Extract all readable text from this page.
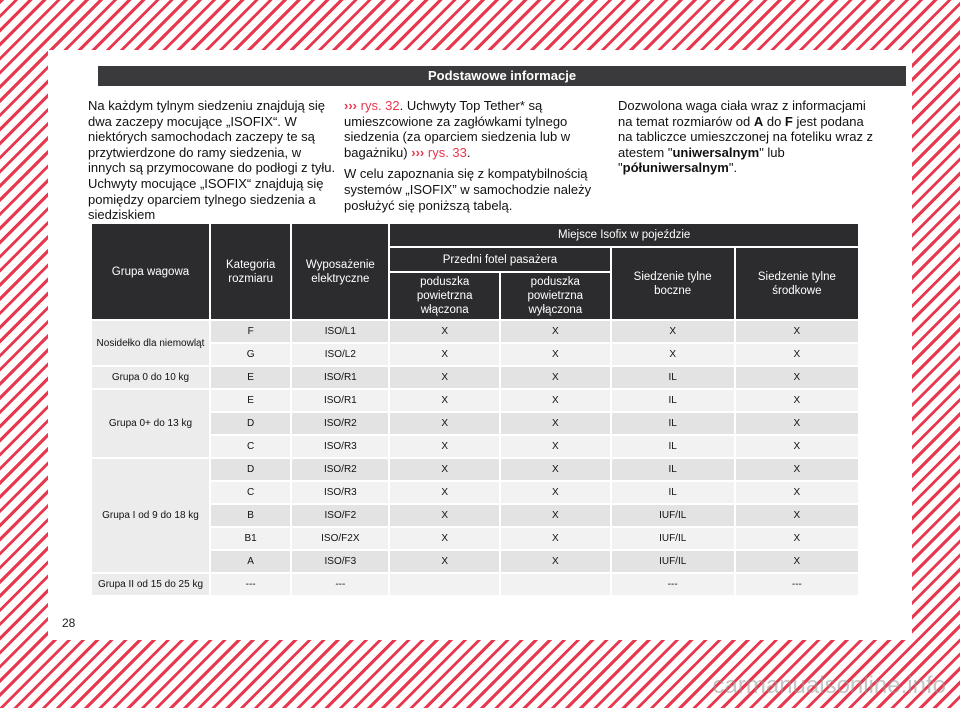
Podstawowe informacje

Na każdym tylnym siedzeniu znajdują się dwa zaczepy mocujące „ISOFIX“. W niektórych samochodach zaczepy te są przytwierdzone do ramy siedzenia, w innych są przymocowane do podłogi z tyłu. Uchwyty mocujące „ISOFIX“ znajdują się pomiędzy oparciem tylnego siedzenia a siedziskiem

››› rys. 32. Uchwyty Top Tether* są umieszcowione za zagłówkami tylnego siedzenia (za oparciem siedzenia lub w bagażniku) ››› rys. 33.

W celu zapoznania się z kompatybilnością systemów „ISOFIX” w samochodzie należy posłużyć się poniższą tabelą.

Dozwolona waga ciała wraz z informacjami na temat rozmiarów od A do F jest podana na tabliczce umieszczonej na foteliku wraz z atestem "uniwersalnym" lub "półuniwersalnym".

Grupa wagowa	Kategoria rozmiaru	Wyposażenie elektryczne	Miejsce Isofix w pojeździe			
			Przedni fotel pasażera		Siedzenie tylne boczne	Siedzenie tylne środkowe
			poduszka powietrzna włączona	poduszka powietrzna wyłączona		
Nosidełko dla niemowląt	F	ISO/L1	X	X	X	X
	G	ISO/L2	X	X	X	X
Grupa 0 do 10 kg	E	ISO/R1	X	X	IL	X
Grupa 0+ do 13 kg	E	ISO/R1	X	X	IL	X
	D	ISO/R2	X	X	IL	X
	C	ISO/R3	X	X	IL	X
Grupa I od 9 do 18 kg	D	ISO/R2	X	X	IL	X
	C	ISO/R3	X	X	IL	X
	B	ISO/F2	X	X	IUF/IL	X
	B1	ISO/F2X	X	X	IUF/IL	X
	A	ISO/F3	X	X	IUF/IL	X
Grupa II od 15 do 25 kg	---	---			---	---
28
carmanualsonline.info
